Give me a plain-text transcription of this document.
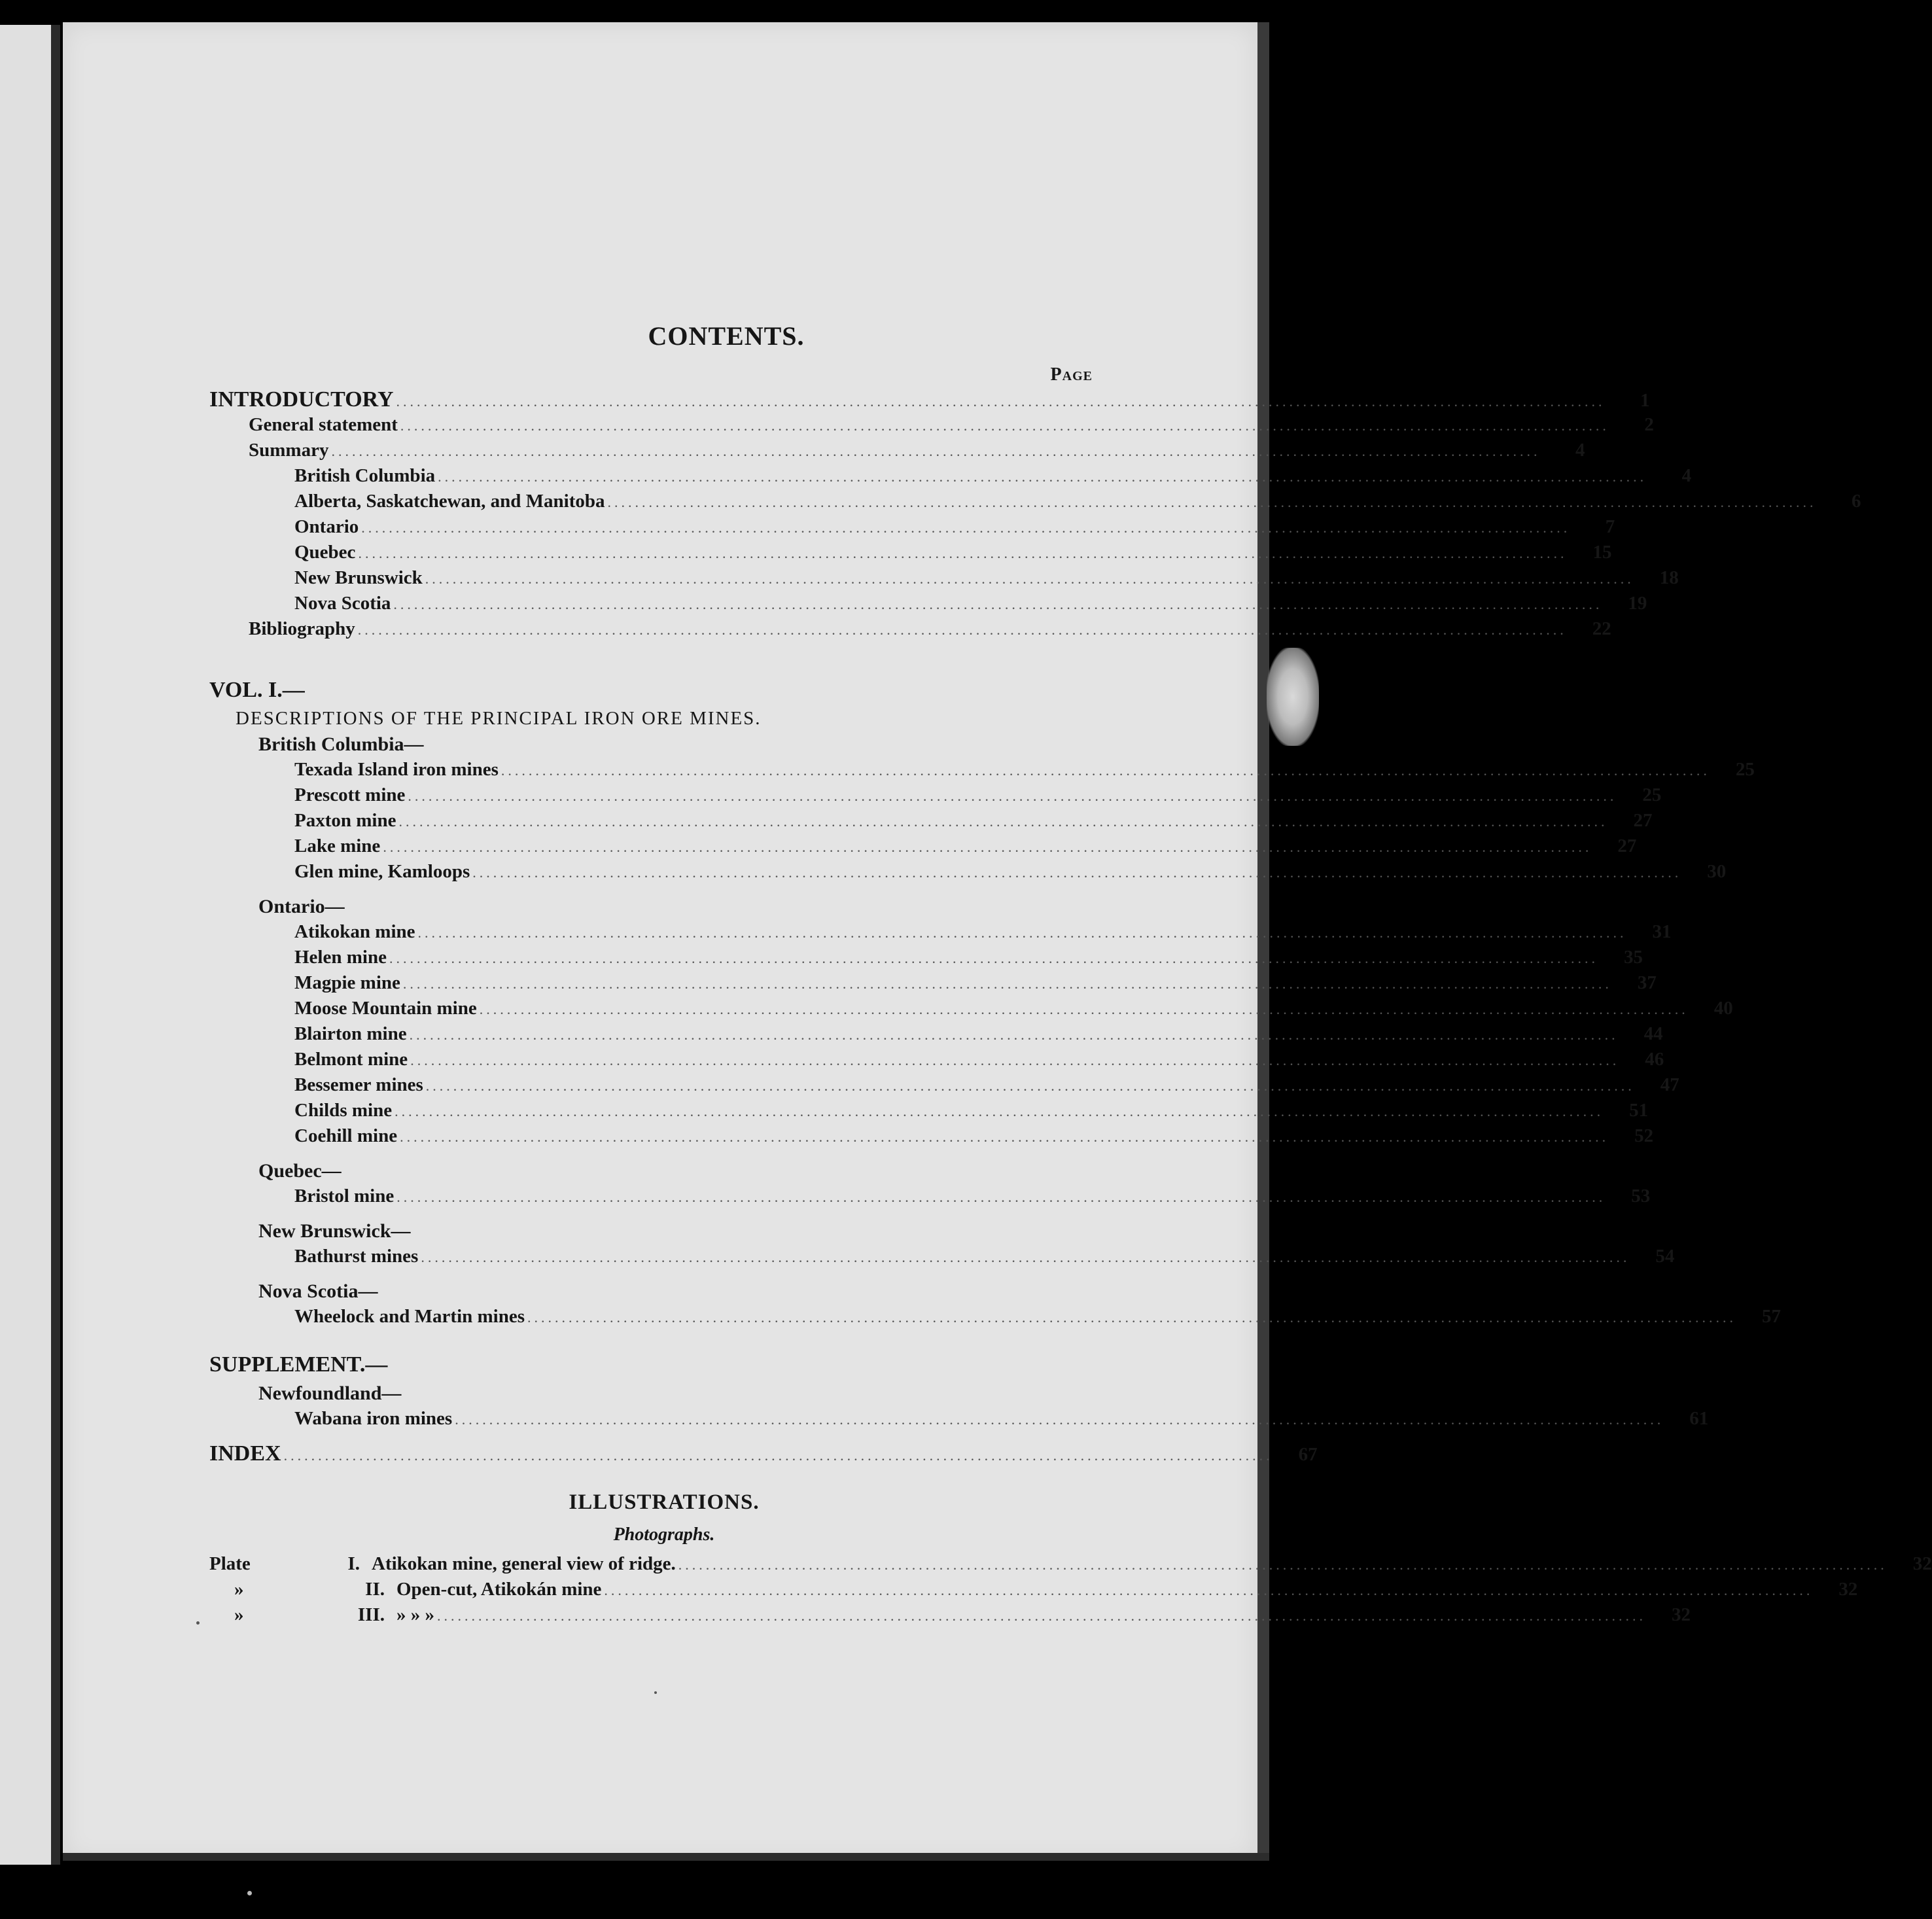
CONTENTS.
Page
INTRODUCTORY ................................................................................................................................................................................	1
General statement ................................................................................................................................................................................	2
Summary ................................................................................................................................................................................	4
British Columbia ................................................................................................................................................................................	4
Alberta, Saskatchewan, and Manitoba ................................................................................................................................................................................	6
Ontario ................................................................................................................................................................................	7
Quebec ................................................................................................................................................................................	15
New Brunswick ................................................................................................................................................................................	18
Nova Scotia ................................................................................................................................................................................	19
Bibliography ................................................................................................................................................................................	22
VOL. I.—
DESCRIPTIONS OF THE PRINCIPAL IRON ORE MINES.
British Columbia—
Texada Island iron mines ................................................................................................................................................................................	25
Prescott mine ................................................................................................................................................................................	25
Paxton mine ................................................................................................................................................................................	27
Lake mine ................................................................................................................................................................................	27
Glen mine, Kamloops ................................................................................................................................................................................	30
Ontario—
Atikokan mine ................................................................................................................................................................................	31
Helen mine ................................................................................................................................................................................	35
Magpie mine ................................................................................................................................................................................	37
Moose Mountain mine ................................................................................................................................................................................	40
Blairton mine ................................................................................................................................................................................	44
Belmont mine ................................................................................................................................................................................	46
Bessemer mines ................................................................................................................................................................................	47
Childs mine ................................................................................................................................................................................	51
Coehill mine ................................................................................................................................................................................	52
Quebec—
Bristol mine ................................................................................................................................................................................	53
New Brunswick—
Bathurst mines ................................................................................................................................................................................	54
Nova Scotia—
Wheelock and Martin mines ................................................................................................................................................................................	57
SUPPLEMENT.—
Newfoundland—
Wabana iron mines ................................................................................................................................................................................	61
INDEX ................................................................................................................................................	67
ILLUSTRATIONS.
Photographs.
Plate	I. Atikokan mine, general view of ridge. ................................................................................................................................................................................	32
»	II. Open-cut, Atikokán mine ................................................................................................................................................................................	32
»	III. » » » ................................................................................................................................................................................	32
